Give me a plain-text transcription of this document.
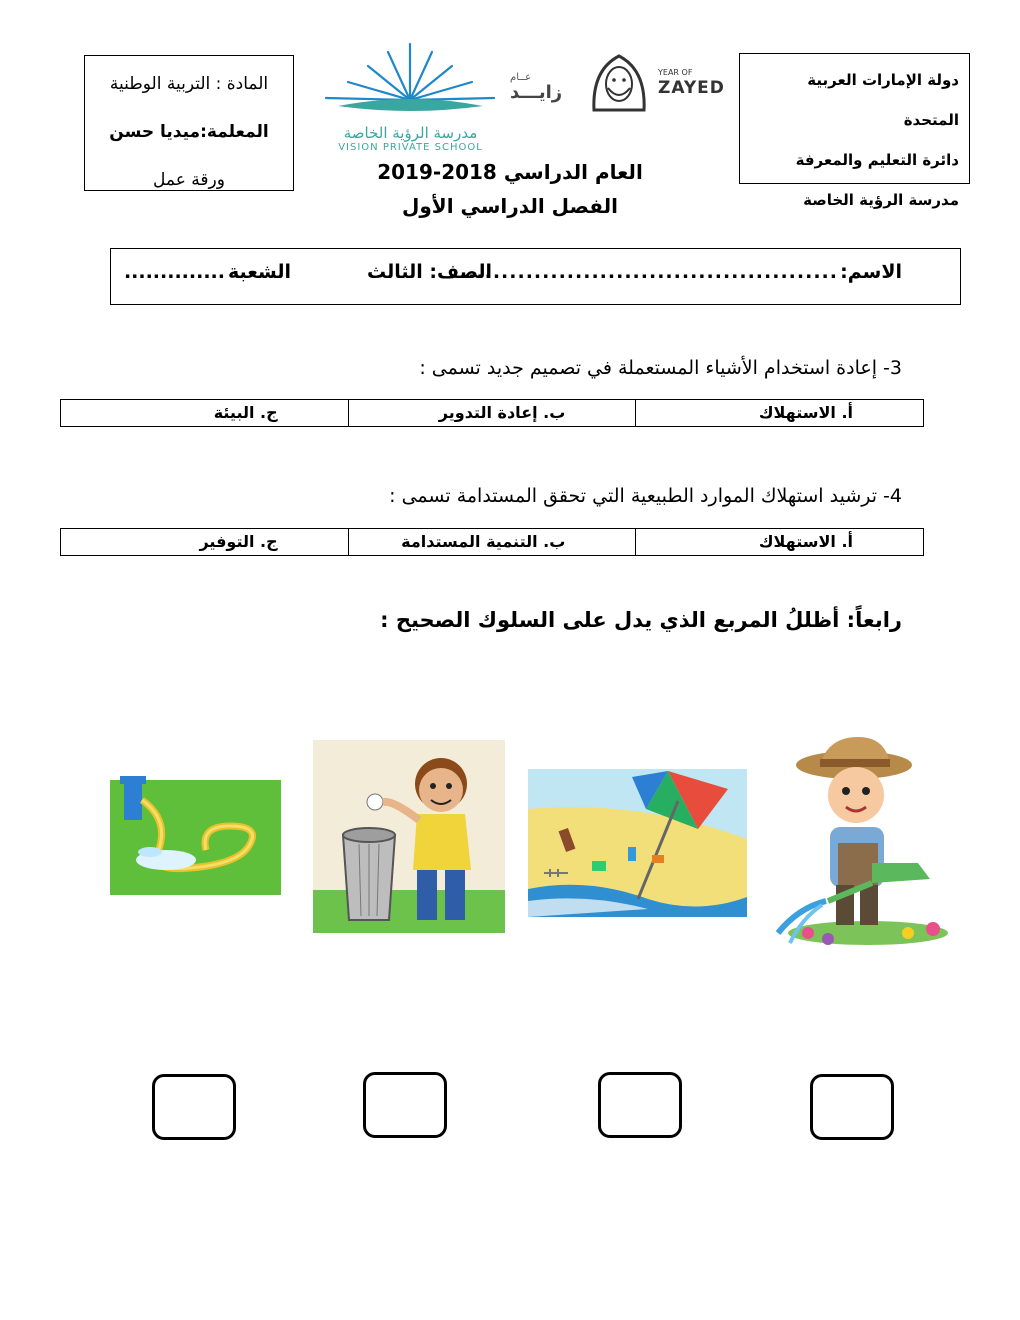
دولة الإمارات العربية المتحدة
دائرة التعليم والمعرفة
مدرسة الرؤية الخاصة
المادة : التربية الوطنية
المعلمة:ميديا حسن
ورقة عمل
مدرسة الرؤية الخاصة
VISION PRIVATE SCHOOL
عــام
زايـــد
YEAR OF
ZAYED
العام الدراسي 2018-2019
الفصل الدراسي الأول
الاسم:
..............................................
الصف: الثالث
الشعبة
..............
3- إعادة استخدام الأشياء المستعملة في تصميم جديد تسمى :
أ. الاستهلاك
ب. إعادة التدوير
ج. البيئة
4- ترشيد استهلاك الموارد الطبيعية التي تحقق المستدامة تسمى :
أ. الاستهلاك
ب. التنمية المستدامة
ج. التوفير
رابعاً: أظللُ المربع الذي يدل على السلوك الصحيح :
